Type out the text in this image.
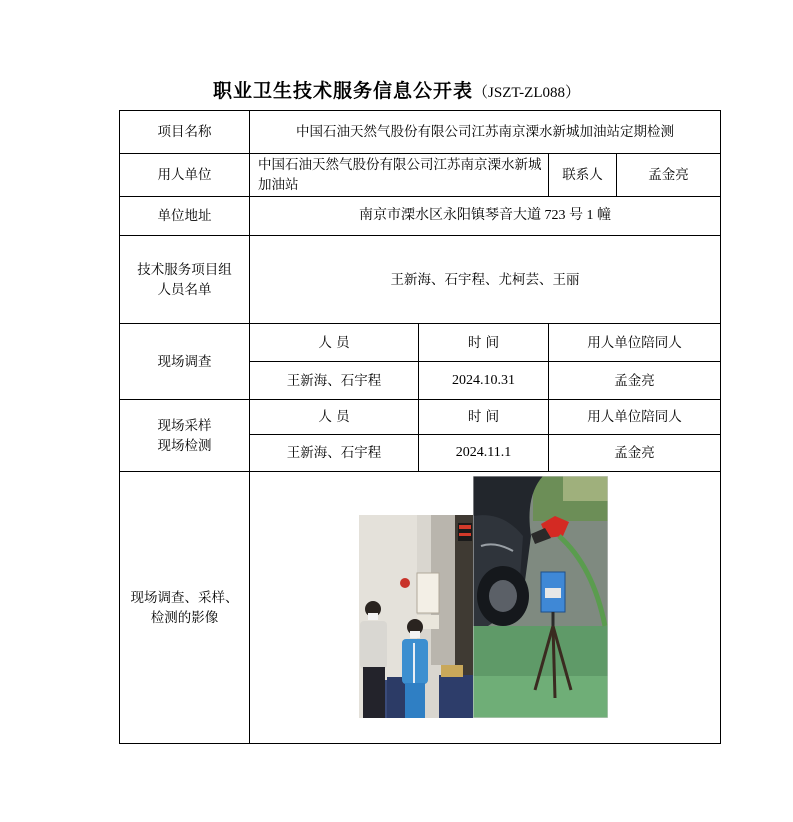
职业卫生技术服务信息公开表（JSZT-ZL088）
项目名称	中国石油天然气股份有限公司江苏南京溧水新城加油站定期检测			
用人单位	中国石油天然气股份有限公司江苏南京溧水新城加油站		联系人	孟金亮
单位地址	南京市溧水区永阳镇琴音大道 723 号 1 幢			
技术服务项目组人员名单	王新海、石宇程、尤柯芸、王丽			
现场调查	人 员	时 间	用人单位陪同人	
	王新海、石宇程	2024.10.31	孟金亮	

现场采样
现场检测	人 员	时 间	用人单位陪同人	
	王新海、石宇程	2024.11.1	孟金亮	
现场调查、采样、检测的影像	
